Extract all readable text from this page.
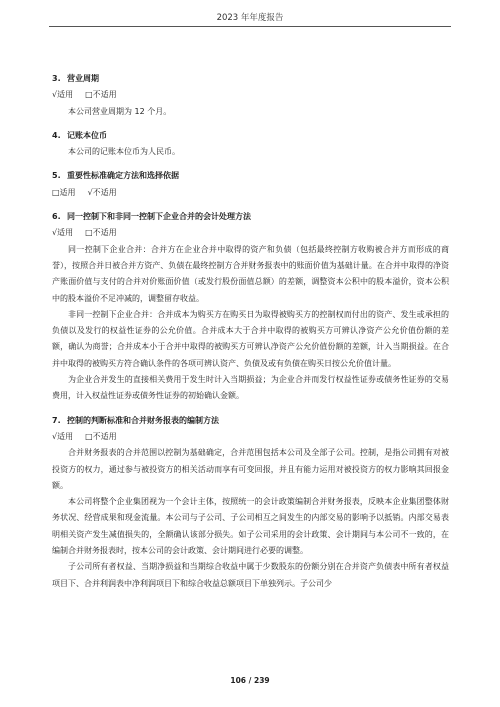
2023 年年度报告
3. 营业周期
√适用 □不适用
本公司营业周期为 12 个月。
4. 记账本位币
本公司的记账本位币为人民币。
5. 重要性标准确定方法和选择依据
□适用 √不适用
6. 同一控制下和非同一控制下企业合并的会计处理方法
√适用 □不适用
同一控制下企业合并：合并方在企业合并中取得的资产和负债（包括最终控制方收购被合并方而形成的商誉），按照合并日被合并方资产、负债在最终控制方合并财务报表中的账面价值为基础计量。在合并中取得的净资产账面价值与支付的合并对价账面价值（或发行股份面值总额）的差额，调整资本公积中的股本溢价，资本公积中的股本溢价不足冲减的，调整留存收益。
非同一控制下企业合并：合并成本为购买方在购买日为取得被购买方的控制权而付出的资产、发生或承担的负债以及发行的权益性证券的公允价值。合并成本大于合并中取得的被购买方可辨认净资产公允价值份额的差额，确认为商誉；合并成本小于合并中取得的被购买方可辨认净资产公允价值份额的差额，计入当期损益。在合并中取得的被购买方符合确认条件的各项可辨认资产、负债及或有负债在购买日按公允价值计量。
为企业合并发生的直接相关费用于发生时计入当期损益；为企业合并而发行权益性证券或债务性证券的交易费用，计入权益性证券或债务性证券的初始确认金额。
7. 控制的判断标准和合并财务报表的编制方法
√适用 □不适用
合并财务报表的合并范围以控制为基础确定，合并范围包括本公司及全部子公司。控制，是指公司拥有对被投资方的权力，通过参与被投资方的相关活动而享有可变回报，并且有能力运用对被投资方的权力影响其回报金额。
本公司将整个企业集团视为一个会计主体，按照统一的会计政策编制合并财务报表，反映本企业集团整体财务状况、经营成果和现金流量。本公司与子公司、子公司相互之间发生的内部交易的影响予以抵销。内部交易表明相关资产发生减值损失的，全额确认该部分损失。如子公司采用的会计政策、会计期间与本公司不一致的，在编制合并财务报表时，按本公司的会计政策、会计期间进行必要的调整。
子公司所有者权益、当期净损益和当期综合收益中属于少数股东的份额分别在合并资产负债表中所有者权益项目下、合并利润表中净利润项目下和综合收益总额项目下单独列示。子公司少
106 / 239
